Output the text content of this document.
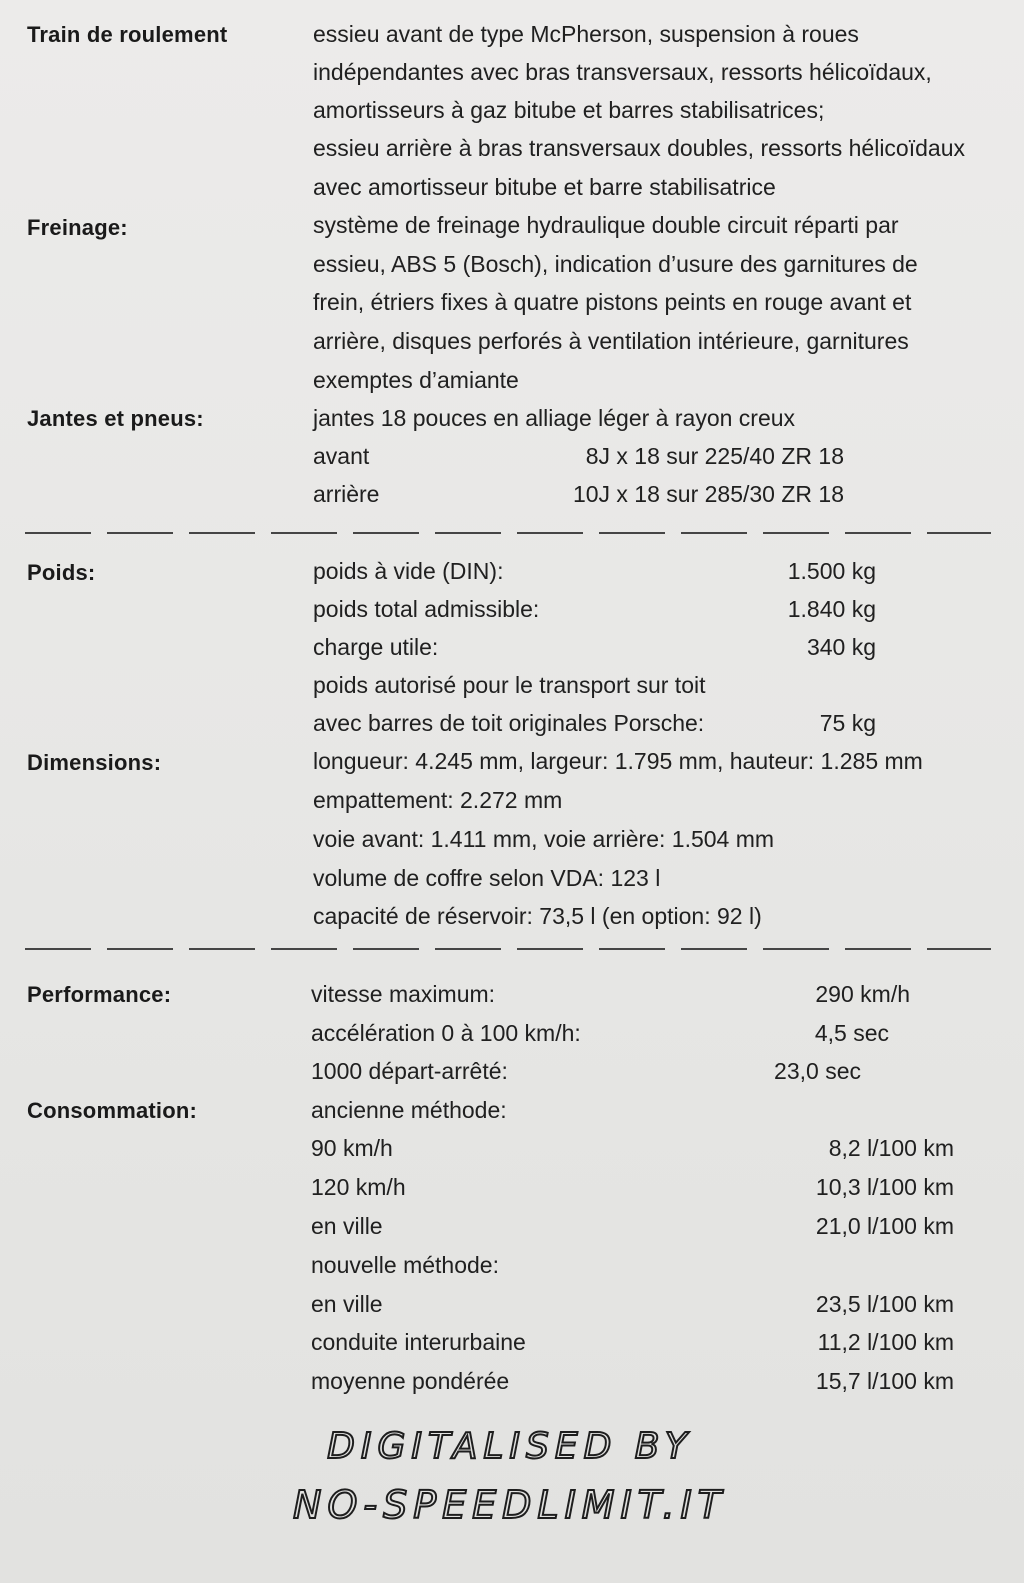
Train de roulement	essieu avant de type McPherson, suspension à roues
indépendantes avec bras transversaux, ressorts hélicoïdaux,
amortisseurs à gaz bitube et barres stabilisatrices;
essieu arrière à bras transversaux doubles, ressorts hélicoïdaux
avec amortisseur bitube et barre stabilisatrice
Freinage:	système de freinage hydraulique double circuit réparti par
essieu, ABS 5 (Bosch), indication d’usure des garnitures de
frein, étriers fixes à quatre pistons peints en rouge avant et
arrière, disques perforés à ventilation intérieure, garnitures
exemptes d’amiante
Jantes et pneus:	jantes 18 pouces en alliage léger à rayon creux
avant	8J x 18 sur 225/40 ZR 18
arrière	10J x 18 sur 285/30 ZR 18
Poids:	poids à vide (DIN):	1.500 kg
poids total admissible:	1.840 kg
charge utile:	340 kg
poids autorisé pour le transport sur toit
avec barres de toit originales Porsche:	75 kg
Dimensions:	longueur: 4.245 mm, largeur: 1.795 mm, hauteur: 1.285 mm
empattement: 2.272 mm
voie avant: 1.411 mm, voie arrière: 1.504 mm
volume de coffre selon VDA: 123 l
capacité de réservoir: 73,5 l (en option: 92 l)
Performance:	vitesse maximum:	290 km/h
accélération 0 à 100 km/h:	4,5 sec
1000 départ-arrêté:	23,0 sec
Consommation:	ancienne méthode:
90 km/h	8,2 l/100 km
120 km/h	10,3 l/100 km
en ville	21,0 l/100 km
nouvelle méthode:
en ville	23,5 l/100 km
conduite interurbaine	11,2 l/100 km
moyenne pondérée	15,7 l/100 km
DIGITALISED BY
NO-SPEEDLIMIT.IT
